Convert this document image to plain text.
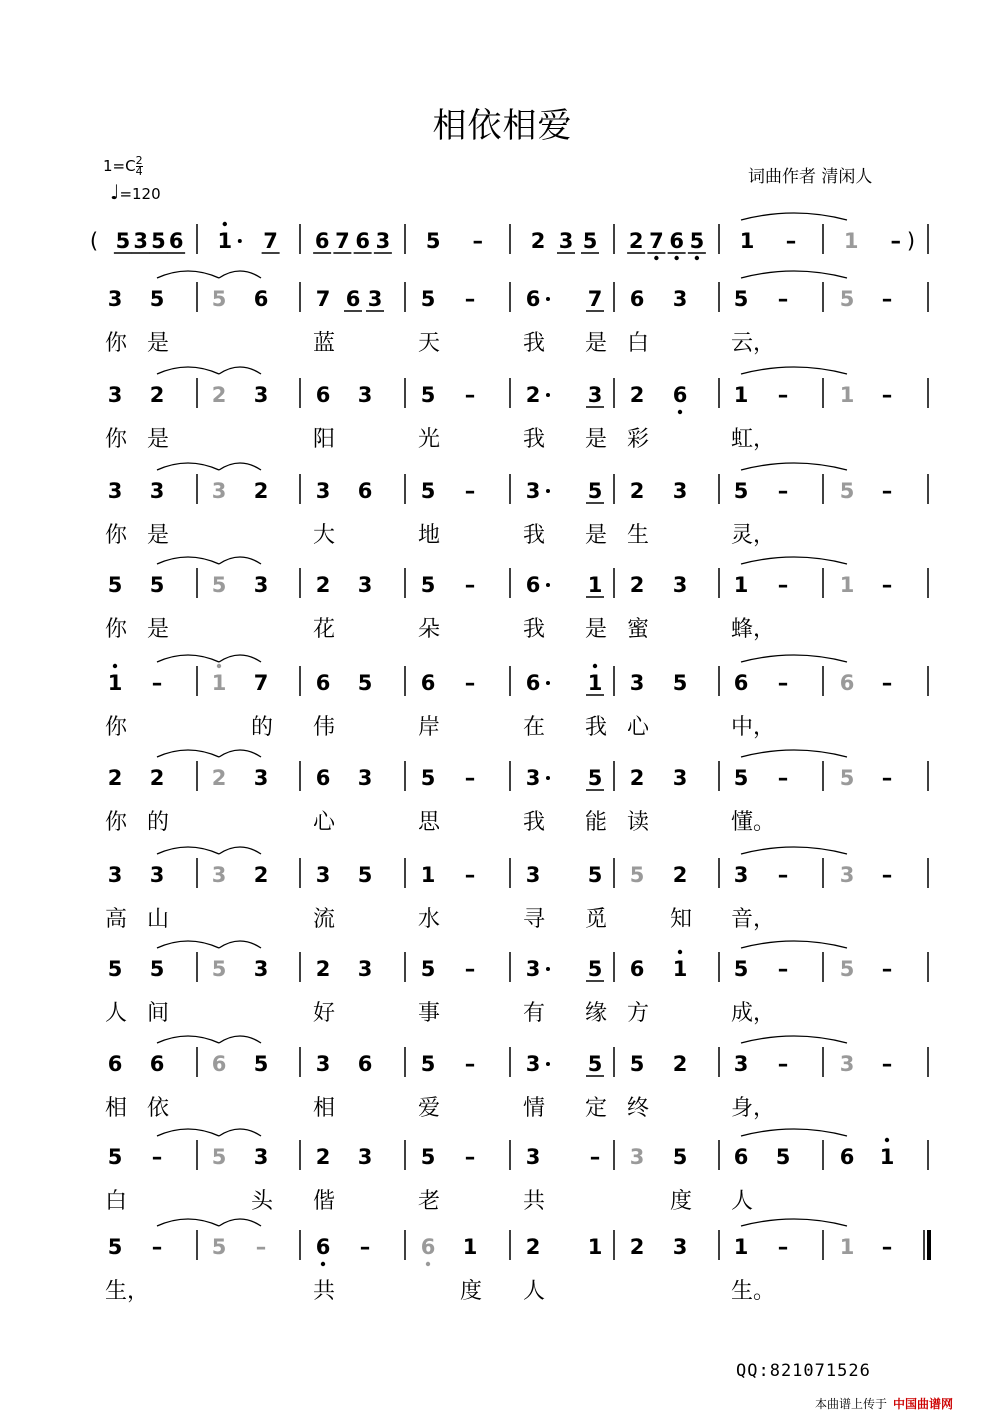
相依相爱
$1=C \frac{2}{4}$
♩=120
词曲作者 清闲人
( 5 3 5 6 1 7 6 7 6 3 5 – 2 3 5 2 7 6 5 1 – 1 – )
3 5 5 6 7 6 3 5 – 6 7 6 3 5 – 5 –
你 是	蓝	天	我 是 白	云，
3 2 2 3 6 3 5 – 2 3 2 6 1 – 1 –
你 是	阳	光	我 是 彩	虹，
3 3 3 2 3 6 5 – 3 5 2 3 5 – 5 –
你 是	大	地	我 是 生	灵，
5 5 5 3 2 3 5 – 6 1 2 3 1 – 1 –
你 是	花	朵	我 是 蜜	蜂，
1 – 1 7 6 5 6 – 6 1 3 5 6 – 6 –
你	的 伟	岸	在 我 心	中，
2 2 2 3 6 3 5 – 3 5 2 3 5 – 5 –
你 的	心	思	我 能 读	懂。
3 3 3 2 3 5 1 – 3 5 5 2 3 – 3 –
高 山	流	水	寻 觅	知 音，
5 5 5 3 2 3 5 – 3 5 6 1 5 – 5 –
人 间	好	事	有 缘 方	成，
6 6 6 5 3 6 5 – 3 5 5 2 3 – 3 –
相 依	相	爱	情 定 终	身，
5 – 5 3 2 3 5 – 3 – 3 5 6 5 6 1
白	头 偕	老	共	度 人
5 – 5 – 6 – 6 1 2 1 2 3 1 – 1 –
生，	共	度 人	生。
QQ:821071526
本曲谱上传于 中国曲谱网
